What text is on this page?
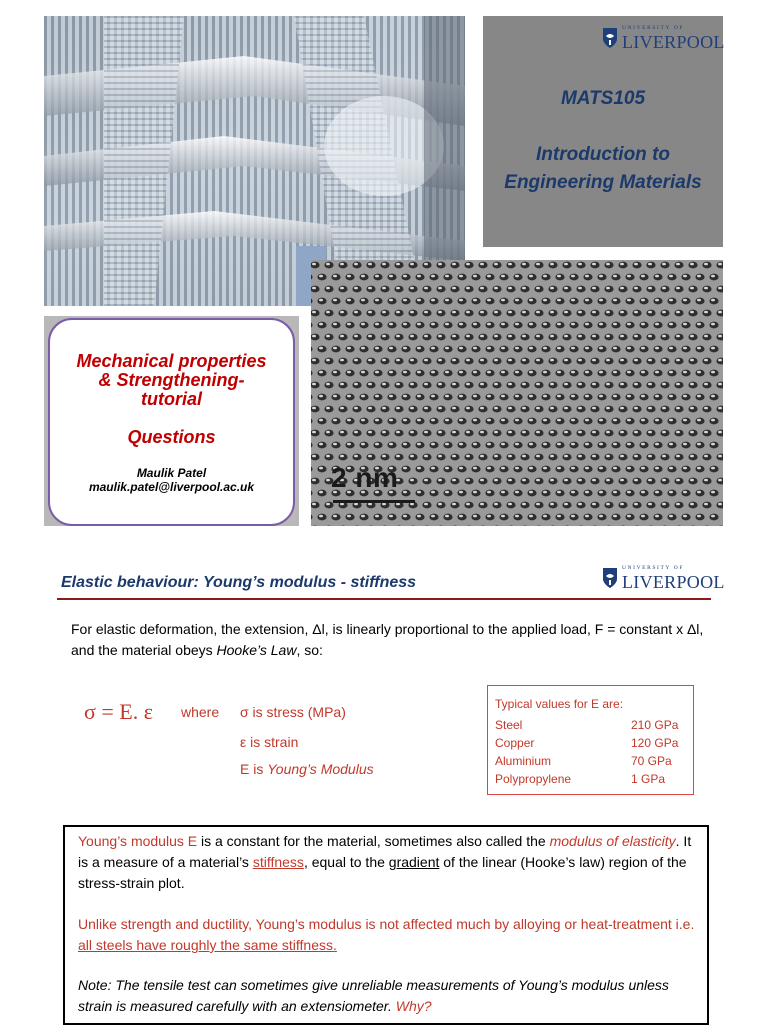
UNIVERSITY OF
LIVERPOOL
MATS105
Introduction to
Engineering Materials
Mechanical properties
& Strengthening-
tutorial
Questions
Maulik Patel
maulik.patel@liverpool.ac.uk	2 nm
Elastic behaviour: Young’s modulus - stiffness
UNIVERSITY OF
LIVERPOOL
For elastic deformation, the extension, Δl, is linearly proportional to the applied load, F = constant x Δl, and the material obeys Hooke’s Law, so:
σ = E. ε where σ is stress (MPa)
ε is strain
E is Young’s Modulus
Typical values for E are:
Steel	210 GPa
Copper	120 GPa
Aluminium	70 GPa
Polypropylene	1 GPa
Young’s modulus E is a constant for the material, sometimes also called the modulus of elasticity. It is a measure of a material’s stiffness, equal to the gradient of the linear (Hooke’s law) region of the stress-strain plot.
Unlike strength and ductility, Young’s modulus is not affected much by alloying or heat-treatment i.e. all steels have roughly the same stiffness.
Note: The tensile test can sometimes give unreliable measurements of Young’s modulus unless strain is measured carefully with an extensiometer. Why?
